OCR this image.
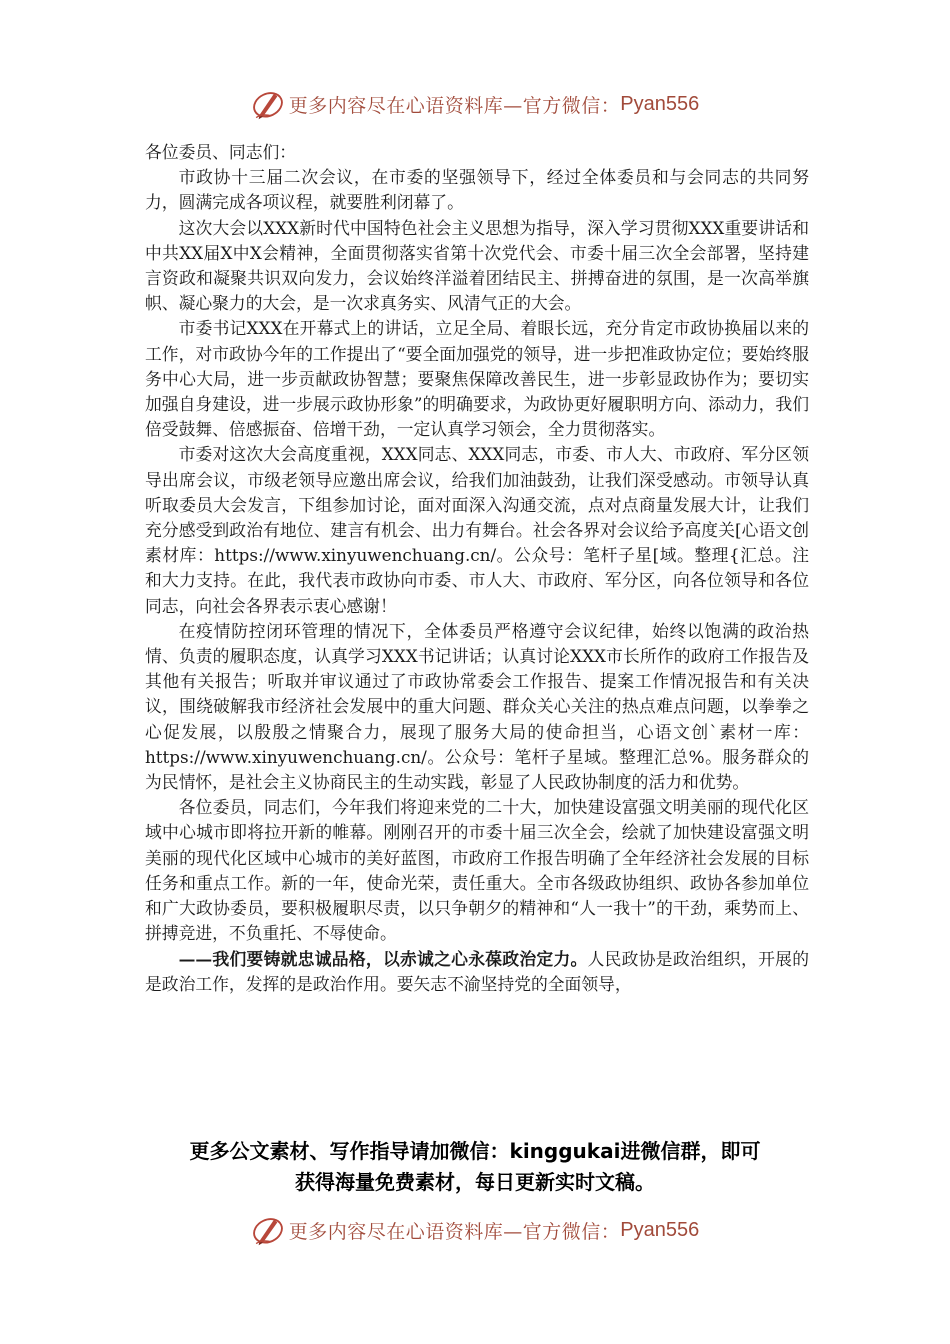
更多内容尽在心语资料库—官方微信： Pyan556

各位委员、同志们：

市政协十三届二次会议，在市委的坚强领导下，经过全体委员和与会同志的共同努力，圆满完成各项议程，就要胜利闭幕了。

这次大会以XXX新时代中国特色社会主义思想为指导，深入学习贯彻XXX重要讲话和中共XX届X中X会精神，全面贯彻落实省第十次党代会、市委十届三次全会部署，坚持建言资政和凝聚共识双向发力，会议始终洋溢着团结民主、拼搏奋进的氛围，是一次高举旗帜、凝心聚力的大会，是一次求真务实、风清气正的大会。

市委书记XXX在开幕式上的讲话，立足全局、着眼长远，充分肯定市政协换届以来的工作，对市政协今年的工作提出了“要全面加强党的领导，进一步把准政协定位；要始终服务中心大局，进一步贡献政协智慧；要聚焦保障改善民生，进一步彰显政协作为；要切实加强自身建设，进一步展示政协形象”的明确要求，为政协更好履职明方向、添动力，我们倍受鼓舞、倍感振奋、倍增干劲，一定认真学习领会，全力贯彻落实。

市委对这次大会高度重视，XXX同志、XXX同志，市委、市人大、市政府、军分区领导出席会议，市级老领导应邀出席会议，给我们加油鼓劲，让我们深受感动。市领导认真听取委员大会发言，下组参加讨论，面对面深入沟通交流，点对点商量发展大计，让我们充分感受到政治有地位、建言有机会、出力有舞台。社会各界对会议给予高度关[心语文创素材库：https://www.xinyuwenchuang.cn/。公众号：笔杆子星[域。整理{汇总。注和大力支持。在此，我代表市政协向市委、市人大、市政府、军分区，向各位领导和各位同志，向社会各界表示衷心感谢！

在疫情防控闭环管理的情况下，全体委员严格遵守会议纪律，始终以饱满的政治热情、负责的履职态度，认真学习XXX书记讲话；认真讨论XXX市长所作的政府工作报告及其他有关报告；听取并审议通过了市政协常委会工作报告、提案工作情况报告和有关决议，围绕破解我市经济社会发展中的重大问题、群众关心关注的热点难点问题，以拳拳之心促发展，以殷殷之情聚合力，展现了服务大局的使命担当，心语文创`素材一库：https://www.xinyuwenchuang.cn/。公众号：笔杆子星域。整理汇总%。服务群众的为民情怀，是社会主义协商民主的生动实践，彰显了人民政协制度的活力和优势。

各位委员，同志们，今年我们将迎来党的二十大，加快建设富强文明美丽的现代化区域中心城市即将拉开新的帷幕。刚刚召开的市委十届三次全会，绘就了加快建设富强文明美丽的现代化区域中心城市的美好蓝图，市政府工作报告明确了全年经济社会发展的目标任务和重点工作。新的一年，使命光荣，责任重大。全市各级政协组织、政协各参加单位和广大政协委员，要积极履职尽责，以只争朝夕的精神和“人一我十”的干劲，乘势而上、拼搏竞进，不负重托、不辱使命。

——我们要铸就忠诚品格，以赤诚之心永葆政治定力。人民政协是政治组织，开展的是政治工作，发挥的是政治作用。要矢志不渝坚持党的全面领导，

更多公文素材、写作指导请加微信：kinggukai进微信群，即可
获得海量免费素材，每日更新实时文稿。
更多内容尽在心语资料库—官方微信： Pyan556
